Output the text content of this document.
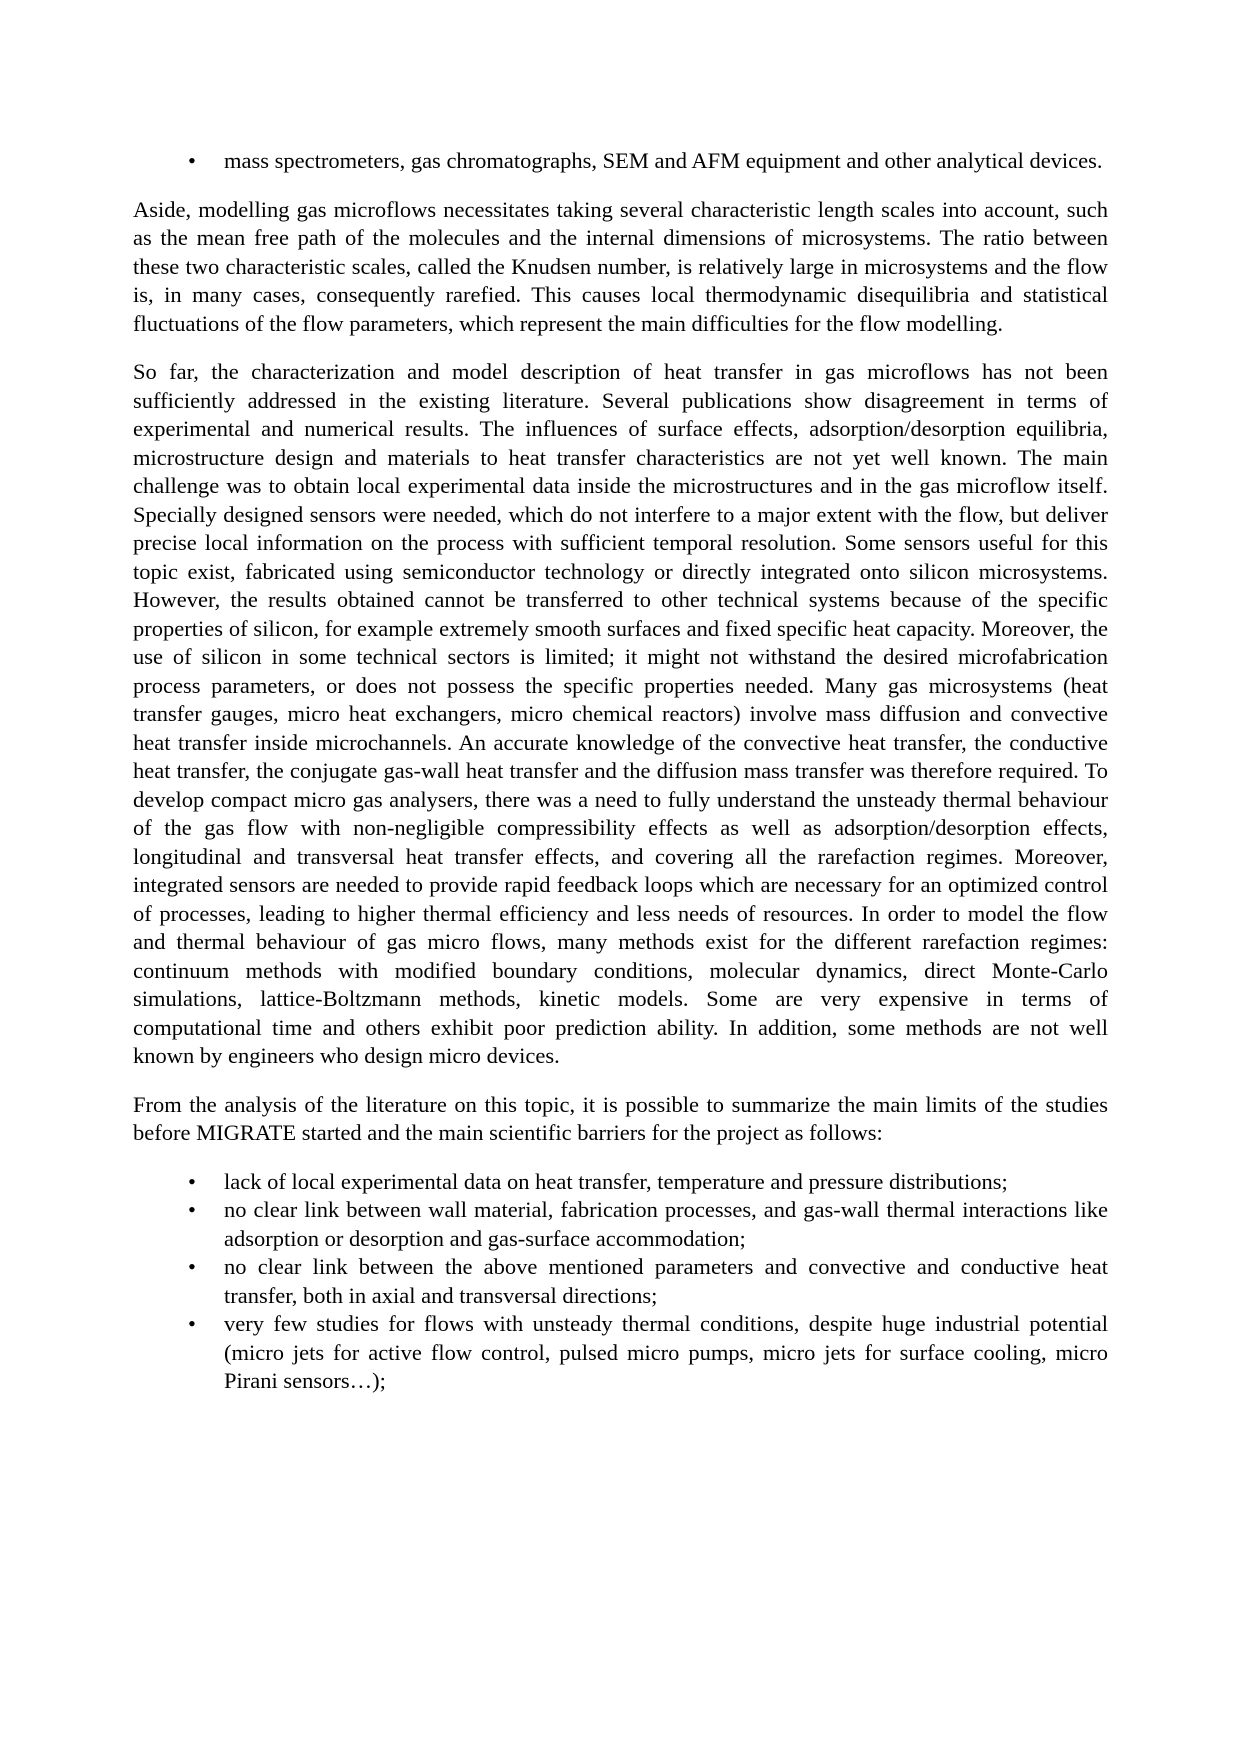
• mass spectrometers, gas chromatographs, SEM and AFM equipment and other analytical devices.

Aside, modelling gas microflows necessitates taking several characteristic length scales into account, such as the mean free path of the molecules and the internal dimensions of microsystems. The ratio between these two characteristic scales, called the Knudsen number, is relatively large in microsystems and the flow is, in many cases, consequently rarefied. This causes local thermodynamic disequilibria and statistical fluctuations of the flow parameters, which represent the main difficulties for the flow modelling.

So far, the characterization and model description of heat transfer in gas microflows has not been sufficiently addressed in the existing literature. Several publications show disagreement in terms of experimental and numerical results. The influences of surface effects, adsorption/desorption equilibria, microstructure design and materials to heat transfer characteristics are not yet well known. The main challenge was to obtain local experimental data inside the microstructures and in the gas microflow itself. Specially designed sensors were needed, which do not interfere to a major extent with the flow, but deliver precise local information on the process with sufficient temporal resolution. Some sensors useful for this topic exist, fabricated using semiconductor technology or directly integrated onto silicon microsystems. However, the results obtained cannot be transferred to other technical systems because of the specific properties of silicon, for example extremely smooth surfaces and fixed specific heat capacity. Moreover, the use of silicon in some technical sectors is limited; it might not withstand the desired microfabrication process parameters, or does not possess the specific properties needed. Many gas microsystems (heat transfer gauges, micro heat exchangers, micro chemical reactors) involve mass diffusion and convective heat transfer inside microchannels. An accurate knowledge of the convective heat transfer, the conductive heat transfer, the conjugate gas-wall heat transfer and the diffusion mass transfer was therefore required. To develop compact micro gas analysers, there was a need to fully understand the unsteady thermal behaviour of the gas flow with non-negligible compressibility effects as well as adsorption/desorption effects, longitudinal and transversal heat transfer effects, and covering all the rarefaction regimes. Moreover, integrated sensors are needed to provide rapid feedback loops which are necessary for an optimized control of processes, leading to higher thermal efficiency and less needs of resources. In order to model the flow and thermal behaviour of gas micro flows, many methods exist for the different rarefaction regimes: continuum methods with modified boundary conditions, molecular dynamics, direct Monte-Carlo simulations, lattice-Boltzmann methods, kinetic models. Some are very expensive in terms of computational time and others exhibit poor prediction ability. In addition, some methods are not well known by engineers who design micro devices.

From the analysis of the literature on this topic, it is possible to summarize the main limits of the studies before MIGRATE started and the main scientific barriers for the project as follows:

• lack of local experimental data on heat transfer, temperature and pressure distributions;
• no clear link between wall material, fabrication processes, and gas-wall thermal interactions like adsorption or desorption and gas-surface accommodation;
• no clear link between the above mentioned parameters and convective and conductive heat transfer, both in axial and transversal directions;
• very few studies for flows with unsteady thermal conditions, despite huge industrial potential (micro jets for active flow control, pulsed micro pumps, micro jets for surface cooling, micro Pirani sensors…);
